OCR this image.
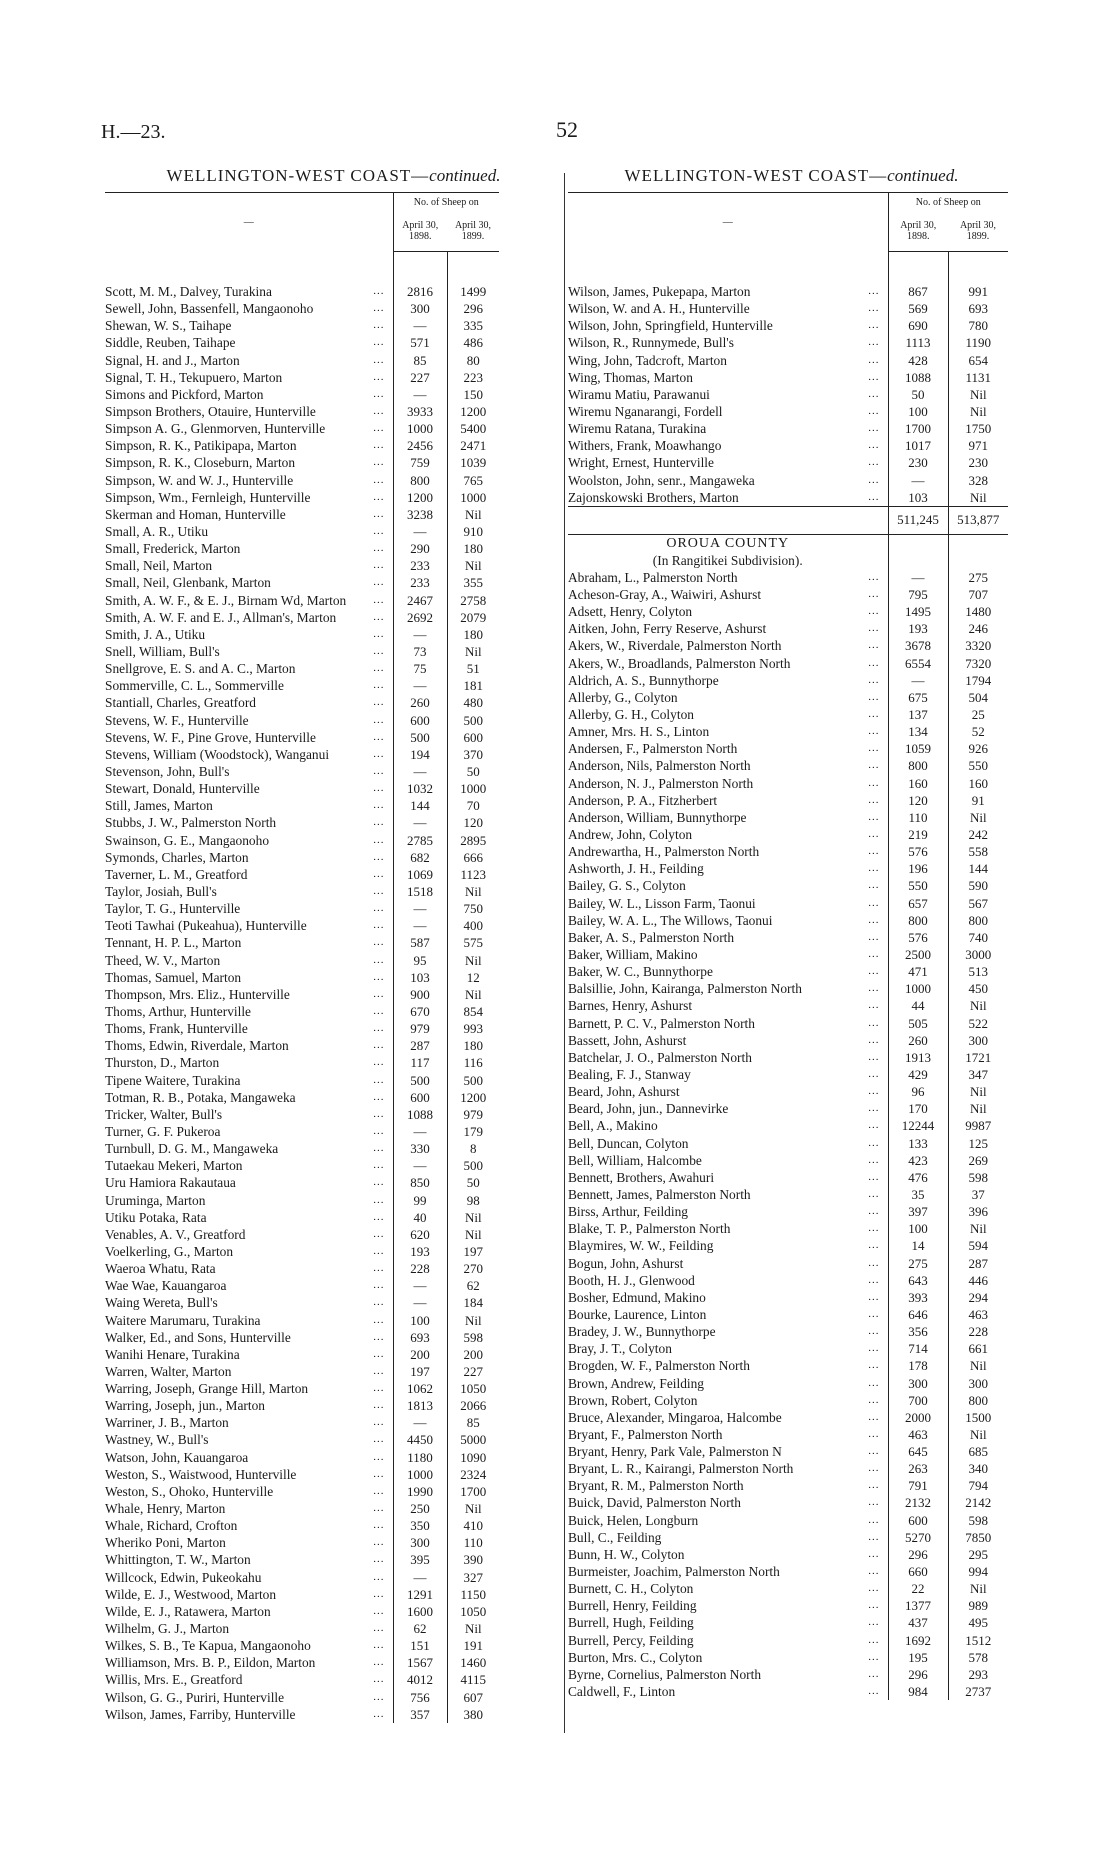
H.—23.	52
WELLINGTON-WEST COAST—continued.
—	No. of Sheep on	
	April 30, 1898.	April 30, 1899.

...
Scott, M. M., Dalvey, Turakina	2816	1499

...
Sewell, John, Bassenfell, Mangaonoho	300	296

...
Shewan, W. S., Taihape	—	335

...
Siddle, Reuben, Taihape	571	486

...
Signal, H. and J., Marton	85	80

...
Signal, T. H., Tekupuero, Marton	227	223

...
Simons and Pickford, Marton	—	150

...
Simpson Brothers, Otauire, Hunterville	3933	1200

...
Simpson A. G., Glenmorven, Hunterville	1000	5400

...
Simpson, R. K., Patikipapa, Marton	2456	2471

...
Simpson, R. K., Closeburn, Marton	759	1039

...
Simpson, W. and W. J., Hunterville	800	765

...
Simpson, Wm., Fernleigh, Hunterville	1200	1000

...
Skerman and Homan, Hunterville	3238	Nil

...
Small, A. R., Utiku	—	910

...
Small, Frederick, Marton	290	180

...
Small, Neil, Marton	233	Nil

...
Small, Neil, Glenbank, Marton	233	355

...
Smith, A. W. F., & E. J., Birnam Wd, Marton	2467	2758

...
Smith, A. W. F. and E. J., Allman's, Marton	2692	2079

...
Smith, J. A., Utiku	—	180

...
Snell, William, Bull's	73	Nil

...
Snellgrove, E. S. and A. C., Marton	75	51

...
Sommerville, C. L., Sommerville	—	181

...
Stantiall, Charles, Greatford	260	480

...
Stevens, W. F., Hunterville	600	500

...
Stevens, W. F., Pine Grove, Hunterville	500	600

...
Stevens, William (Woodstock), Wanganui	194	370

...
Stevenson, John, Bull's	—	50

...
Stewart, Donald, Hunterville	1032	1000

...
Still, James, Marton	144	70

...
Stubbs, J. W., Palmerston North	—	120

...
Swainson, G. E., Mangaonoho	2785	2895

...
Symonds, Charles, Marton	682	666

...
Taverner, L. M., Greatford	1069	1123

...
Taylor, Josiah, Bull's	1518	Nil

...
Taylor, T. G., Hunterville	—	750

...
Teoti Tawhai (Pukeahua), Hunterville	—	400

...
Tennant, H. P. L., Marton	587	575

...
Theed, W. V., Marton	95	Nil

...
Thomas, Samuel, Marton	103	12

...
Thompson, Mrs. Eliz., Hunterville	900	Nil

...
Thoms, Arthur, Hunterville	670	854

...
Thoms, Frank, Hunterville	979	993

...
Thoms, Edwin, Riverdale, Marton	287	180

...
Thurston, D., Marton	117	116

...
Tipene Waitere, Turakina	500	500

...
Totman, R. B., Potaka, Mangaweka	600	1200

...
Tricker, Walter, Bull's	1088	979

...
Turner, G. F. Pukeroa	—	179

...
Turnbull, D. G. M., Mangaweka	330	8

...
Tutaekau Mekeri, Marton	—	500

...
Uru Hamiora Rakautaua	850	50

...
Uruminga, Marton	99	98

...
Utiku Potaka, Rata	40	Nil

...
Venables, A. V., Greatford	620	Nil

...
Voelkerling, G., Marton	193	197

...
Waeroa Whatu, Rata	228	270

...
Wae Wae, Kauangaroa	—	62

...
Waing Wereta, Bull's	—	184

...
Waitere Marumaru, Turakina	100	Nil

...
Walker, Ed., and Sons, Hunterville	693	598

...
Wanihi Henare, Turakina	200	200

...
Warren, Walter, Marton	197	227

...
Warring, Joseph, Grange Hill, Marton	1062	1050

...
Warring, Joseph, jun., Marton	1813	2066

...
Warriner, J. B., Marton	—	85

...
Wastney, W., Bull's	4450	5000

...
Watson, John, Kauangaroa	1180	1090

...
Weston, S., Waistwood, Hunterville	1000	2324

...
Weston, S., Ohoko, Hunterville	1990	1700

...
Whale, Henry, Marton	250	Nil

...
Whale, Richard, Crofton	350	410

...
Wheriko Poni, Marton	300	110

...
Whittington, T. W., Marton	395	390

...
Willcock, Edwin, Pukeokahu	—	327

...
Wilde, E. J., Westwood, Marton	1291	1150

...
Wilde, E. J., Ratawera, Marton	1600	1050

...
Wilhelm, G. J., Marton	62	Nil

...
Wilkes, S. B., Te Kapua, Mangaonoho	151	191

...
Williamson, Mrs. B. P., Eildon, Marton	1567	1460

...
Willis, Mrs. E., Greatford	4012	4115

...
Wilson, G. G., Puriri, Hunterville	756	607

...
Wilson, James, Farriby, Hunterville	357	380
WELLINGTON-WEST COAST—continued.
—	No. of Sheep on	
	April 30, 1898.	April 30, 1899.

...
Wilson, James, Pukepapa, Marton	867	991

...
Wilson, W. and A. H., Hunterville	569	693

...
Wilson, John, Springfield, Hunterville	690	780

...
Wilson, R., Runnymede, Bull's	1113	1190

...
Wing, John, Tadcroft, Marton	428	654

...
Wing, Thomas, Marton	1088	1131

...
Wiramu Matiu, Parawanui	50	Nil

...
Wiremu Nganarangi, Fordell	100	Nil

...
Wiremu Ratana, Turakina	1700	1750

...
Withers, Frank, Moawhango	1017	971

...
Wright, Ernest, Hunterville	230	230

...
Woolston, John, senr., Mangaweka	—	328

...
Zajonskowski Brothers, Marton	103	Nil
	511,245	513,877
OROUA COUNTY		
(In Rangitikei Subdivision).		

...
Abraham, L., Palmerston North	—	275

...
Acheson-Gray, A., Waiwiri, Ashurst	795	707

...
Adsett, Henry, Colyton	1495	1480

...
Aitken, John, Ferry Reserve, Ashurst	193	246

...
Akers, W., Riverdale, Palmerston North	3678	3320

...
Akers, W., Broadlands, Palmerston North	6554	7320

...
Aldrich, A. S., Bunnythorpe	—	1794

...
Allerby, G., Colyton	675	504

...
Allerby, G. H., Colyton	137	25

...
Amner, Mrs. H. S., Linton	134	52

...
Andersen, F., Palmerston North	1059	926

...
Anderson, Nils, Palmerston North	800	550

...
Anderson, N. J., Palmerston North	160	160

...
Anderson, P. A., Fitzherbert	120	91

...
Anderson, William, Bunnythorpe	110	Nil

...
Andrew, John, Colyton	219	242

...
Andrewartha, H., Palmerston North	576	558

...
Ashworth, J. H., Feilding	196	144

...
Bailey, G. S., Colyton	550	590

...
Bailey, W. L., Lisson Farm, Taonui	657	567

...
Bailey, W. A. L., The Willows, Taonui	800	800

...
Baker, A. S., Palmerston North	576	740

...
Baker, William, Makino	2500	3000

...
Baker, W. C., Bunnythorpe	471	513

...
Balsillie, John, Kairanga, Palmerston North	1000	450

...
Barnes, Henry, Ashurst	44	Nil

...
Barnett, P. C. V., Palmerston North	505	522

...
Bassett, John, Ashurst	260	300

...
Batchelar, J. O., Palmerston North	1913	1721

...
Bealing, F. J., Stanway	429	347

...
Beard, John, Ashurst	96	Nil

...
Beard, John, jun., Dannevirke	170	Nil

...
Bell, A., Makino	12244	9987

...
Bell, Duncan, Colyton	133	125

...
Bell, William, Halcombe	423	269

...
Bennett, Brothers, Awahuri	476	598

...
Bennett, James, Palmerston North	35	37

...
Birss, Arthur, Feilding	397	396

...
Blake, T. P., Palmerston North	100	Nil

...
Blaymires, W. W., Feilding	14	594

...
Bogun, John, Ashurst	275	287

...
Booth, H. J., Glenwood	643	446

...
Bosher, Edmund, Makino	393	294

...
Bourke, Laurence, Linton	646	463

...
Bradey, J. W., Bunnythorpe	356	228

...
Bray, J. T., Colyton	714	661

...
Brogden, W. F., Palmerston North	178	Nil

...
Brown, Andrew, Feilding	300	300

...
Brown, Robert, Colyton	700	800

...
Bruce, Alexander, Mingaroa, Halcombe	2000	1500

...
Bryant, F., Palmerston North	463	Nil

...
Bryant, Henry, Park Vale, Palmerston N	645	685

...
Bryant, L. R., Kairangi, Palmerston North	263	340

...
Bryant, R. M., Palmerston North	791	794

...
Buick, David, Palmerston North	2132	2142

...
Buick, Helen, Longburn	600	598

...
Bull, C., Feilding	5270	7850

...
Bunn, H. W., Colyton	296	295

...
Burmeister, Joachim, Palmerston North	660	994

...
Burnett, C. H., Colyton	22	Nil

...
Burrell, Henry, Feilding	1377	989

...
Burrell, Hugh, Feilding	437	495

...
Burrell, Percy, Feilding	1692	1512

...
Burton, Mrs. C., Colyton	195	578

...
Byrne, Cornelius, Palmerston North	296	293

...
Caldwell, F., Linton	984	2737
